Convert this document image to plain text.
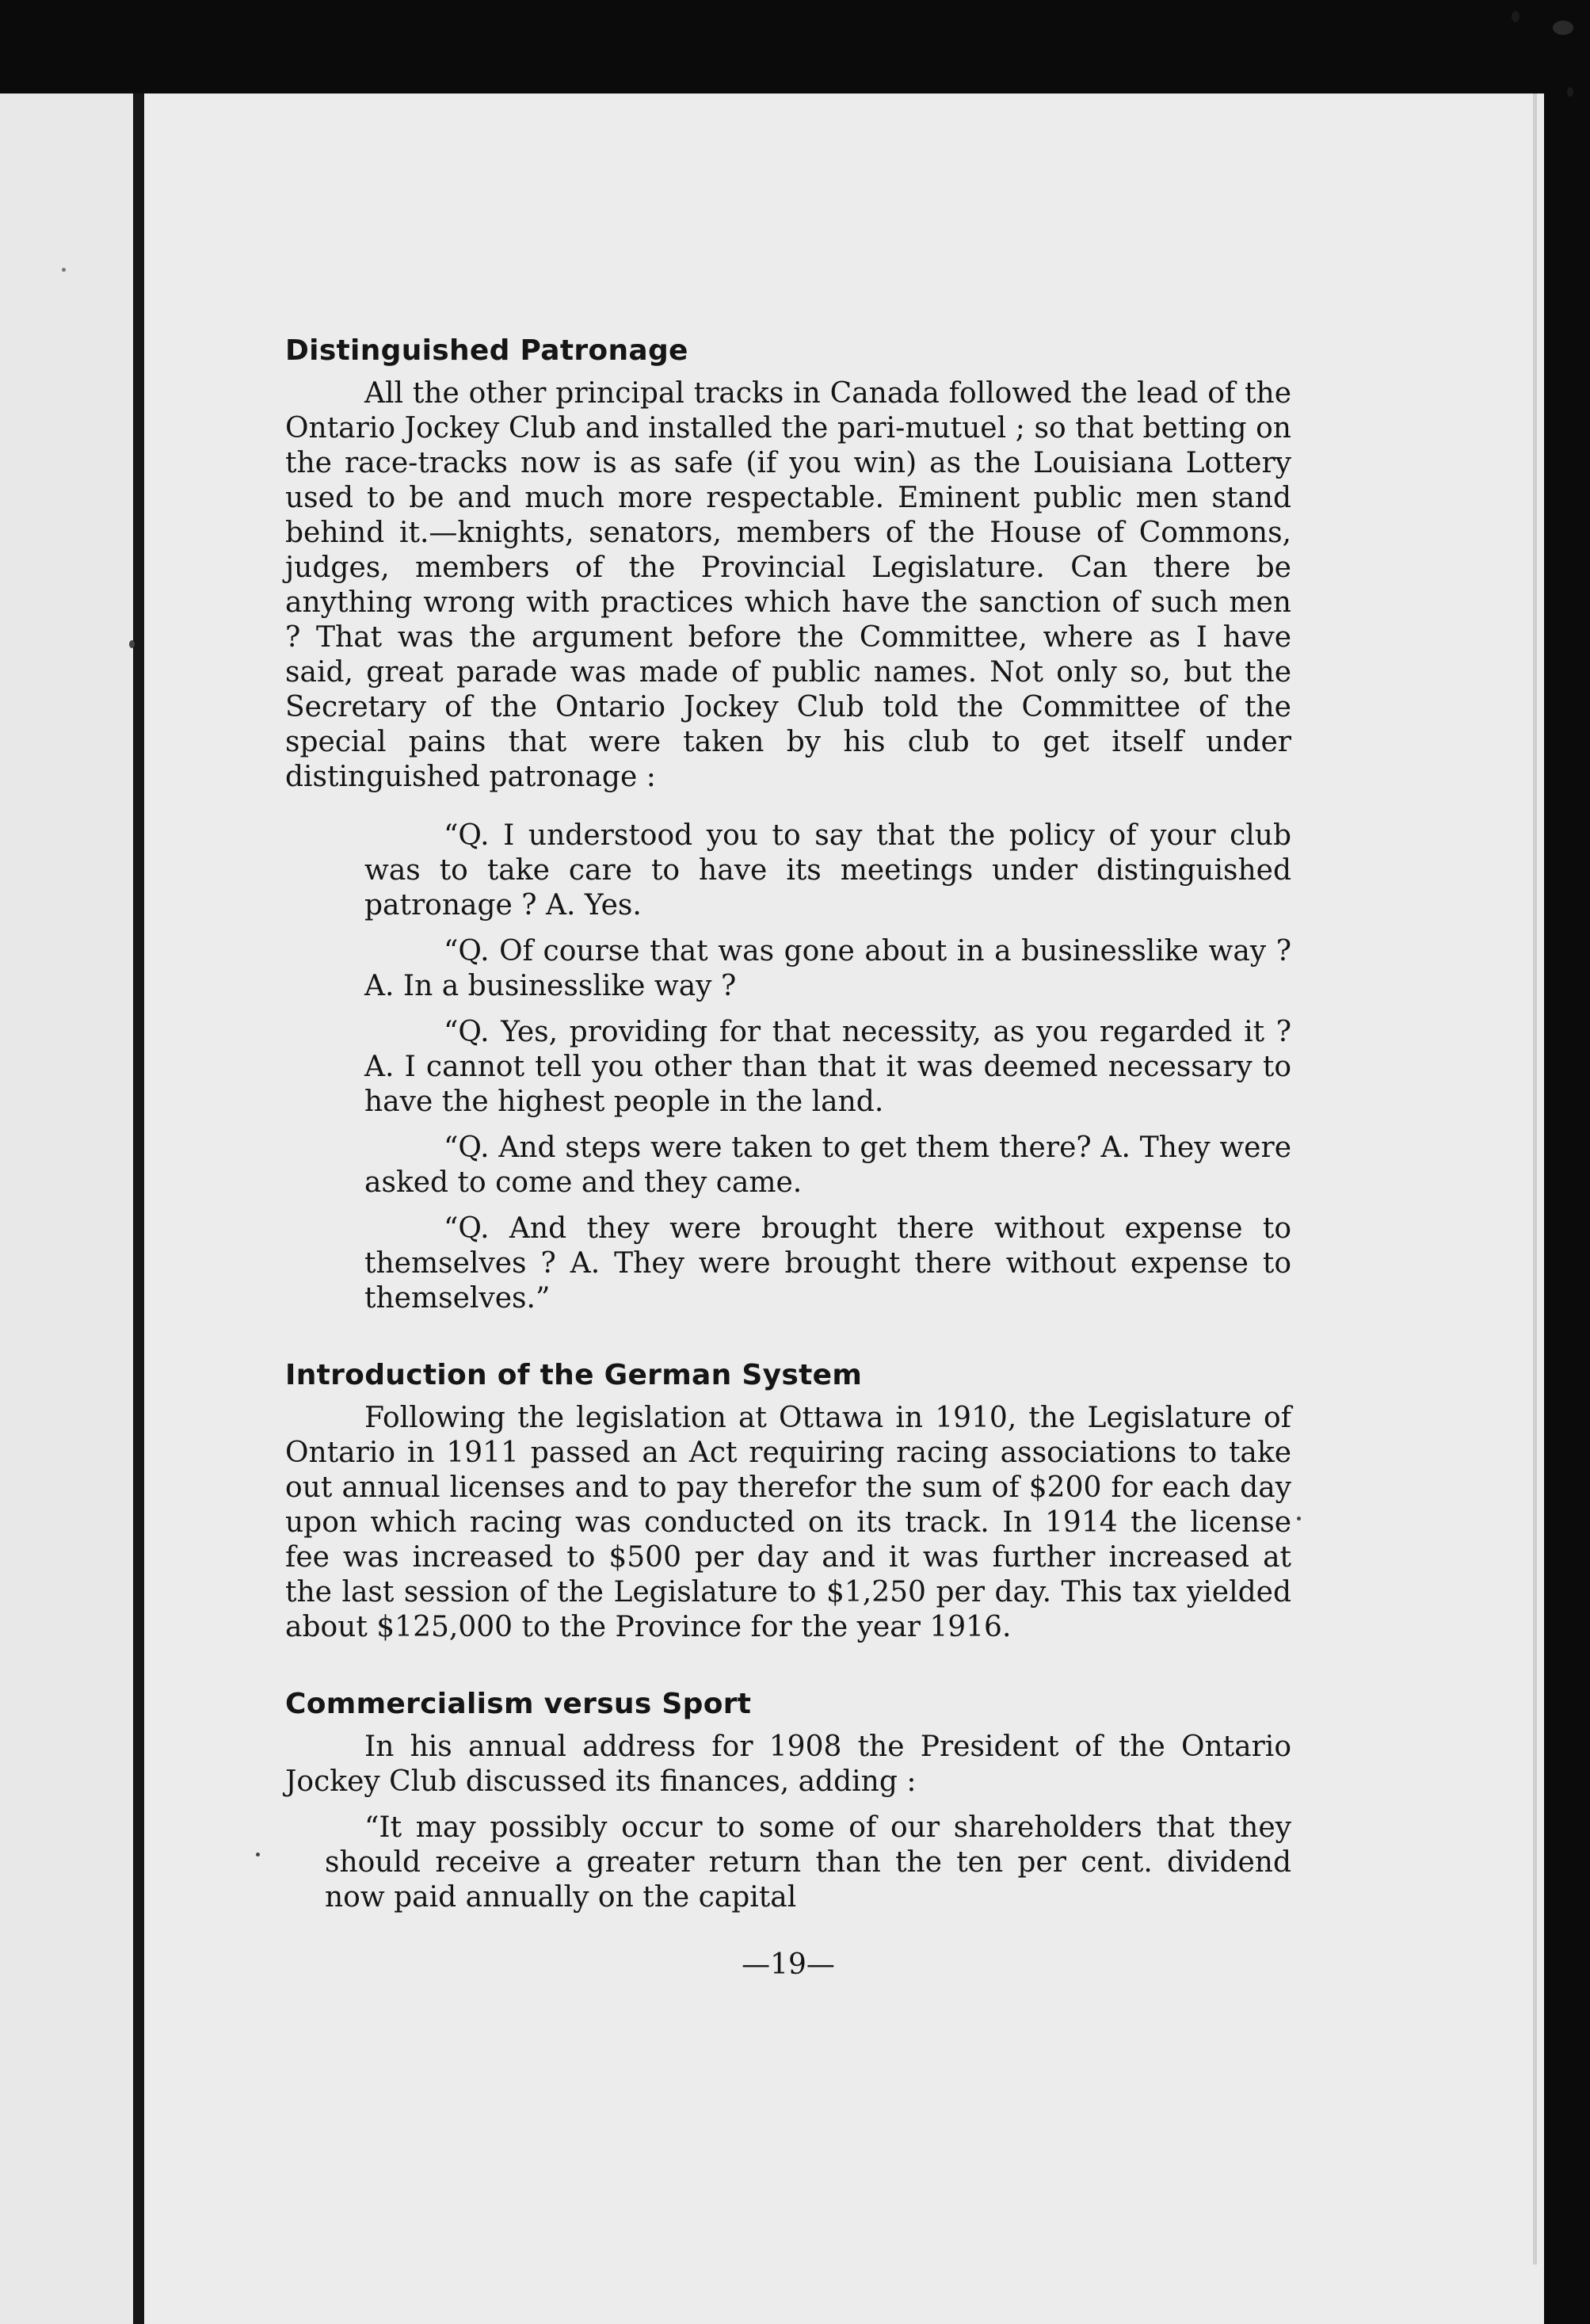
Distinguished Patronage

All the other principal tracks in Canada followed the lead of the Ontario Jockey Club and installed the pari-mutuel ; so that betting on the race-tracks now is as safe (if you win) as the Louisiana Lottery used to be and much more respectable. Eminent public men stand behind it.—knights, senators, members of the House of Commons, judges, members of the Provincial Legislature. Can there be anything wrong with practices which have the sanction of such men ? That was the argument before the Committee, where as I have said, great parade was made of public names. Not only so, but the Secretary of the Ontario Jockey Club told the Committee of the special pains that were taken by his club to get itself under distinguished patronage :

“Q. I understood you to say that the policy of your club was to take care to have its meetings under distinguished patronage ? A. Yes.

“Q. Of course that was gone about in a businesslike way ? A. In a businesslike way ?

“Q. Yes, providing for that necessity, as you regarded it ? A. I cannot tell you other than that it was deemed necessary to have the highest people in the land.

“Q. And steps were taken to get them there? A. They were asked to come and they came.

“Q. And they were brought there without expense to themselves ? A. They were brought there without expense to themselves.”

Introduction of the German System

Following the legislation at Ottawa in 1910, the Legislature of Ontario in 1911 passed an Act requiring racing associations to take out annual licenses and to pay therefor the sum of $200 for each day upon which racing was conducted on its track. In 1914 the license fee was increased to $500 per day and it was further increased at the last session of the Legislature to $1,250 per day. This tax yielded about $125,000 to the Province for the year 1916.

Commercialism versus Sport

In his annual address for 1908 the President of the Ontario Jockey Club discussed its finances, adding :

“It may possibly occur to some of our shareholders that they should receive a greater return than the ten per cent. dividend now paid annually on the capital

—19—
